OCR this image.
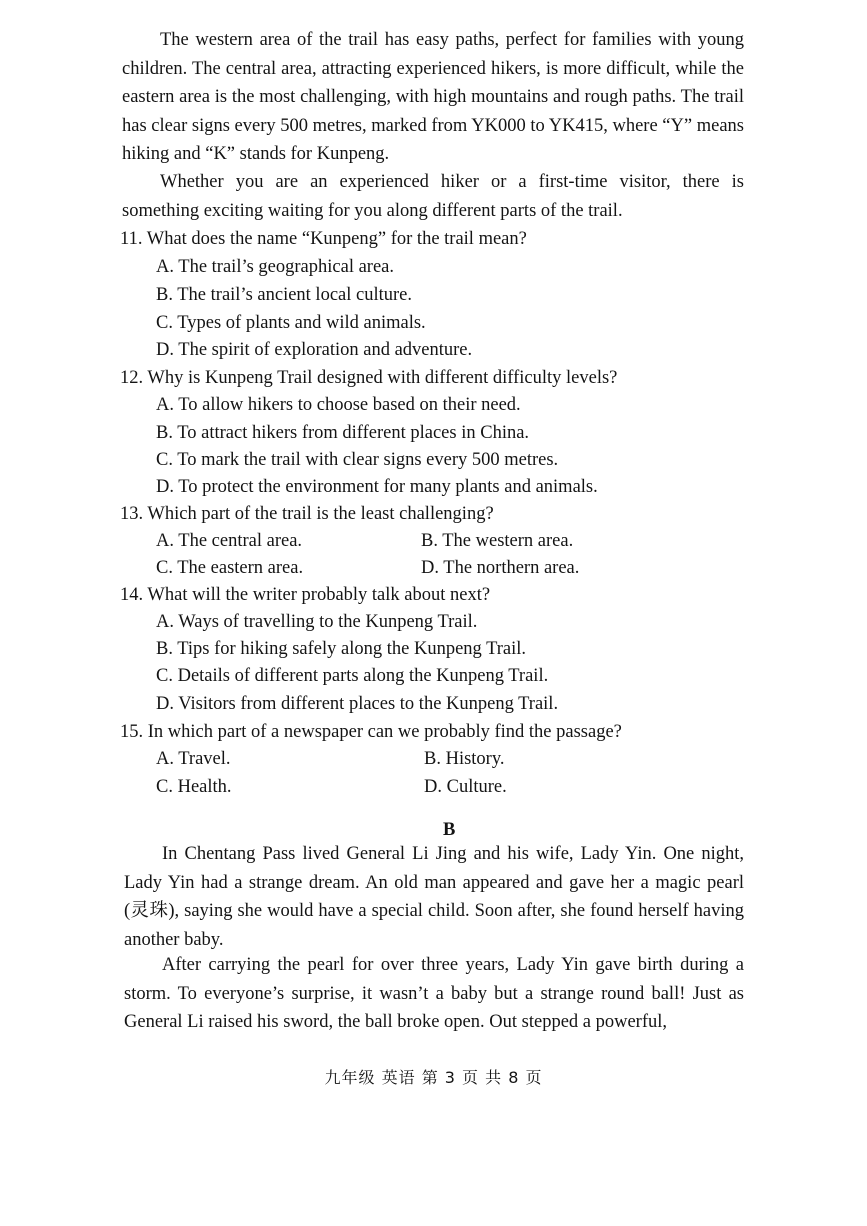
The western area of the trail has easy paths, perfect for families with young children. The central area, attracting experienced hikers, is more difficult, while the eastern area is the most challenging, with high mountains and rough paths. The trail has clear signs every 500 metres, marked from YK000 to YK415, where “Y” means hiking and “K” stands for Kunpeng.

Whether you are an experienced hiker or a first-time visitor, there is something exciting waiting for you along different parts of the trail.

11. What does the name “Kunpeng” for the trail mean?

A. The trail’s geographical area.

B. The trail’s ancient local culture.

C. Types of plants and wild animals.

D. The spirit of exploration and adventure.

12. Why is Kunpeng Trail designed with different difficulty levels?

A. To allow hikers to choose based on their need.

B. To attract hikers from different places in China.

C. To mark the trail with clear signs every 500 metres.

D. To protect the environment for many plants and animals.

13. Which part of the trail is the least challenging?

A. The central area.	B. The western area.

C. The eastern area.	D. The northern area.

14. What will the writer probably talk about next?

A. Ways of travelling to the Kunpeng Trail.

B. Tips for hiking safely along the Kunpeng Trail.

C. Details of different parts along the Kunpeng Trail.

D. Visitors from different places to the Kunpeng Trail.

15. In which part of a newspaper can we probably find the passage?

A. Travel.	B. History.

C. Health.	D. Culture.

B

In Chentang Pass lived General Li Jing and his wife, Lady Yin. One night, Lady Yin had a strange dream. An old man appeared and gave her a magic pearl (灵珠), saying she would have a special child. Soon after, she found herself having another baby.

After carrying the pearl for over three years, Lady Yin gave birth during a storm. To everyone’s surprise, it wasn’t a baby but a strange round ball! Just as General Li raised his sword, the ball broke open. Out stepped a powerful,

九年级 英语 第 3 页 共 8 页
